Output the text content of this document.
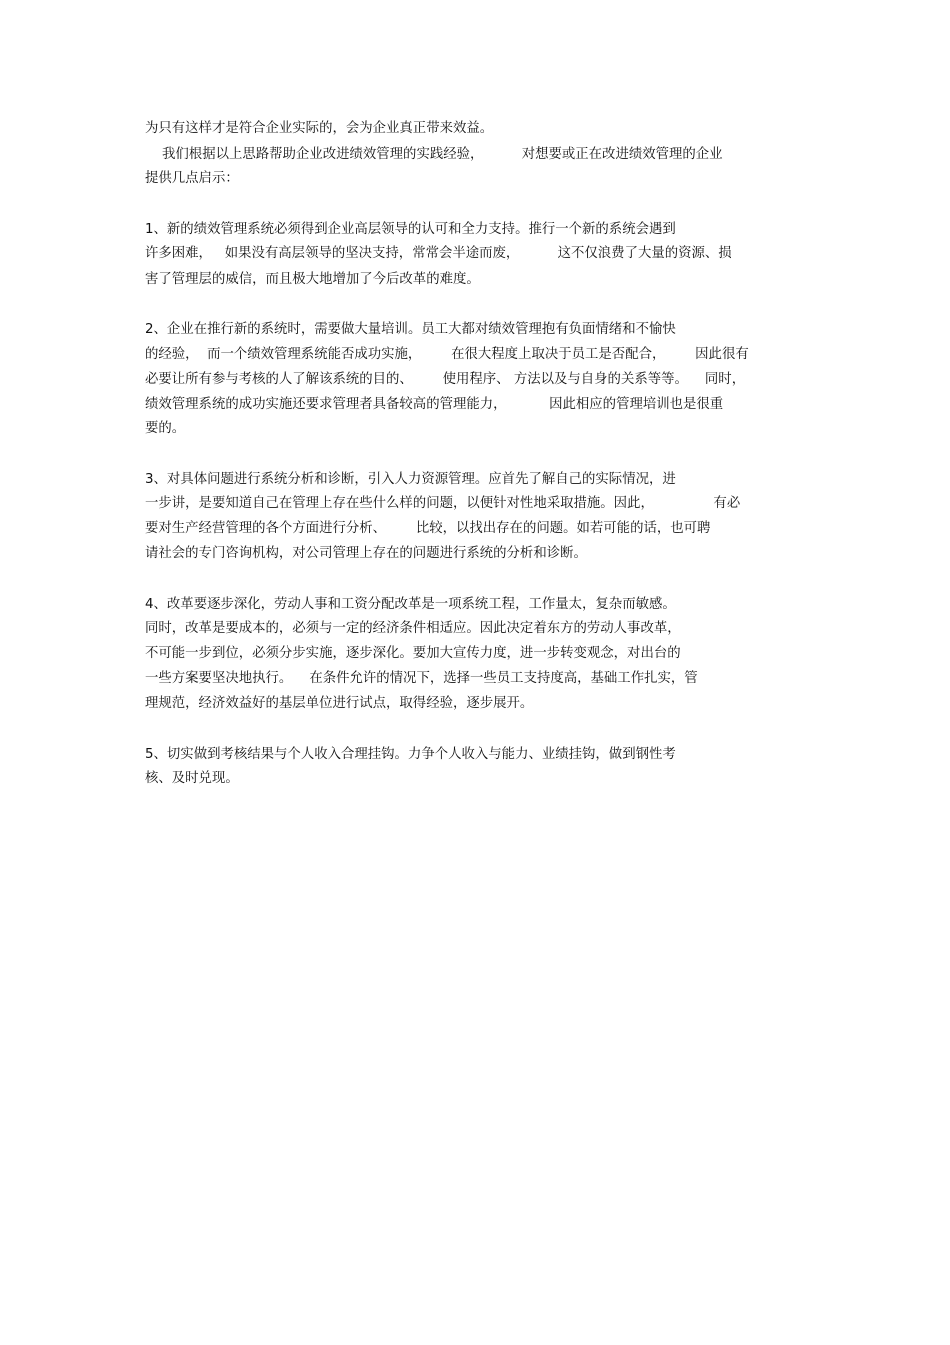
为只有这样才是符合企业实际的，会为企业真正带来效益。
我们根据以上思路帮助企业改进绩效管理的实践经验，         对想要或正在改进绩效管理的企业
提供几点启示：
1、新的绩效管理系统必须得到企业高层领导的认可和全力支持。推行一个新的系统会遇到
许多困难，   如果没有高层领导的坚决支持，常常会半途而废，         这不仅浪费了大量的资源、损
害了管理层的威信，而且极大地增加了今后改革的难度。
2、企业在推行新的系统时，需要做大量培训。员工大都对绩效管理抱有负面情绪和不愉快
的经验，  而一个绩效管理系统能否成功实施，       在很大程度上取决于员工是否配合，       因此很有
必要让所有参与考核的人了解该系统的目的、       使用程序、 方法以及与自身的关系等等。    同时，
绩效管理系统的成功实施还要求管理者具备较高的管理能力，          因此相应的管理培训也是很重
要的。
3、对具体问题进行系统分析和诊断，引入人力资源管理。应首先了解自己的实际情况，进
一步讲，是要知道自己在管理上存在些什么样的问题，以便针对性地采取措施。因此，              有必
要对生产经营管理的各个方面进行分析、       比较，以找出存在的问题。如若可能的话，也可聘
请社会的专门咨询机构，对公司管理上存在的问题进行系统的分析和诊断。
4、改革要逐步深化，劳动人事和工资分配改革是一项系统工程，工作量太，复杂而敏感。
同时，改革是要成本的，必须与一定的经济条件相适应。因此决定着东方的劳动人事改革，
不可能一步到位，必须分步实施，逐步深化。要加大宣传力度，进一步转变观念，对出台的
一些方案要坚决地执行。    在条件允许的情况下，选择一些员工支持度高，基础工作扎实，管
理规范，经济效益好的基层单位进行试点，取得经验，逐步展开。
5、切实做到考核结果与个人收入合理挂钩。力争个人收入与能力、业绩挂钩，做到钢性考
核、及时兑现。
